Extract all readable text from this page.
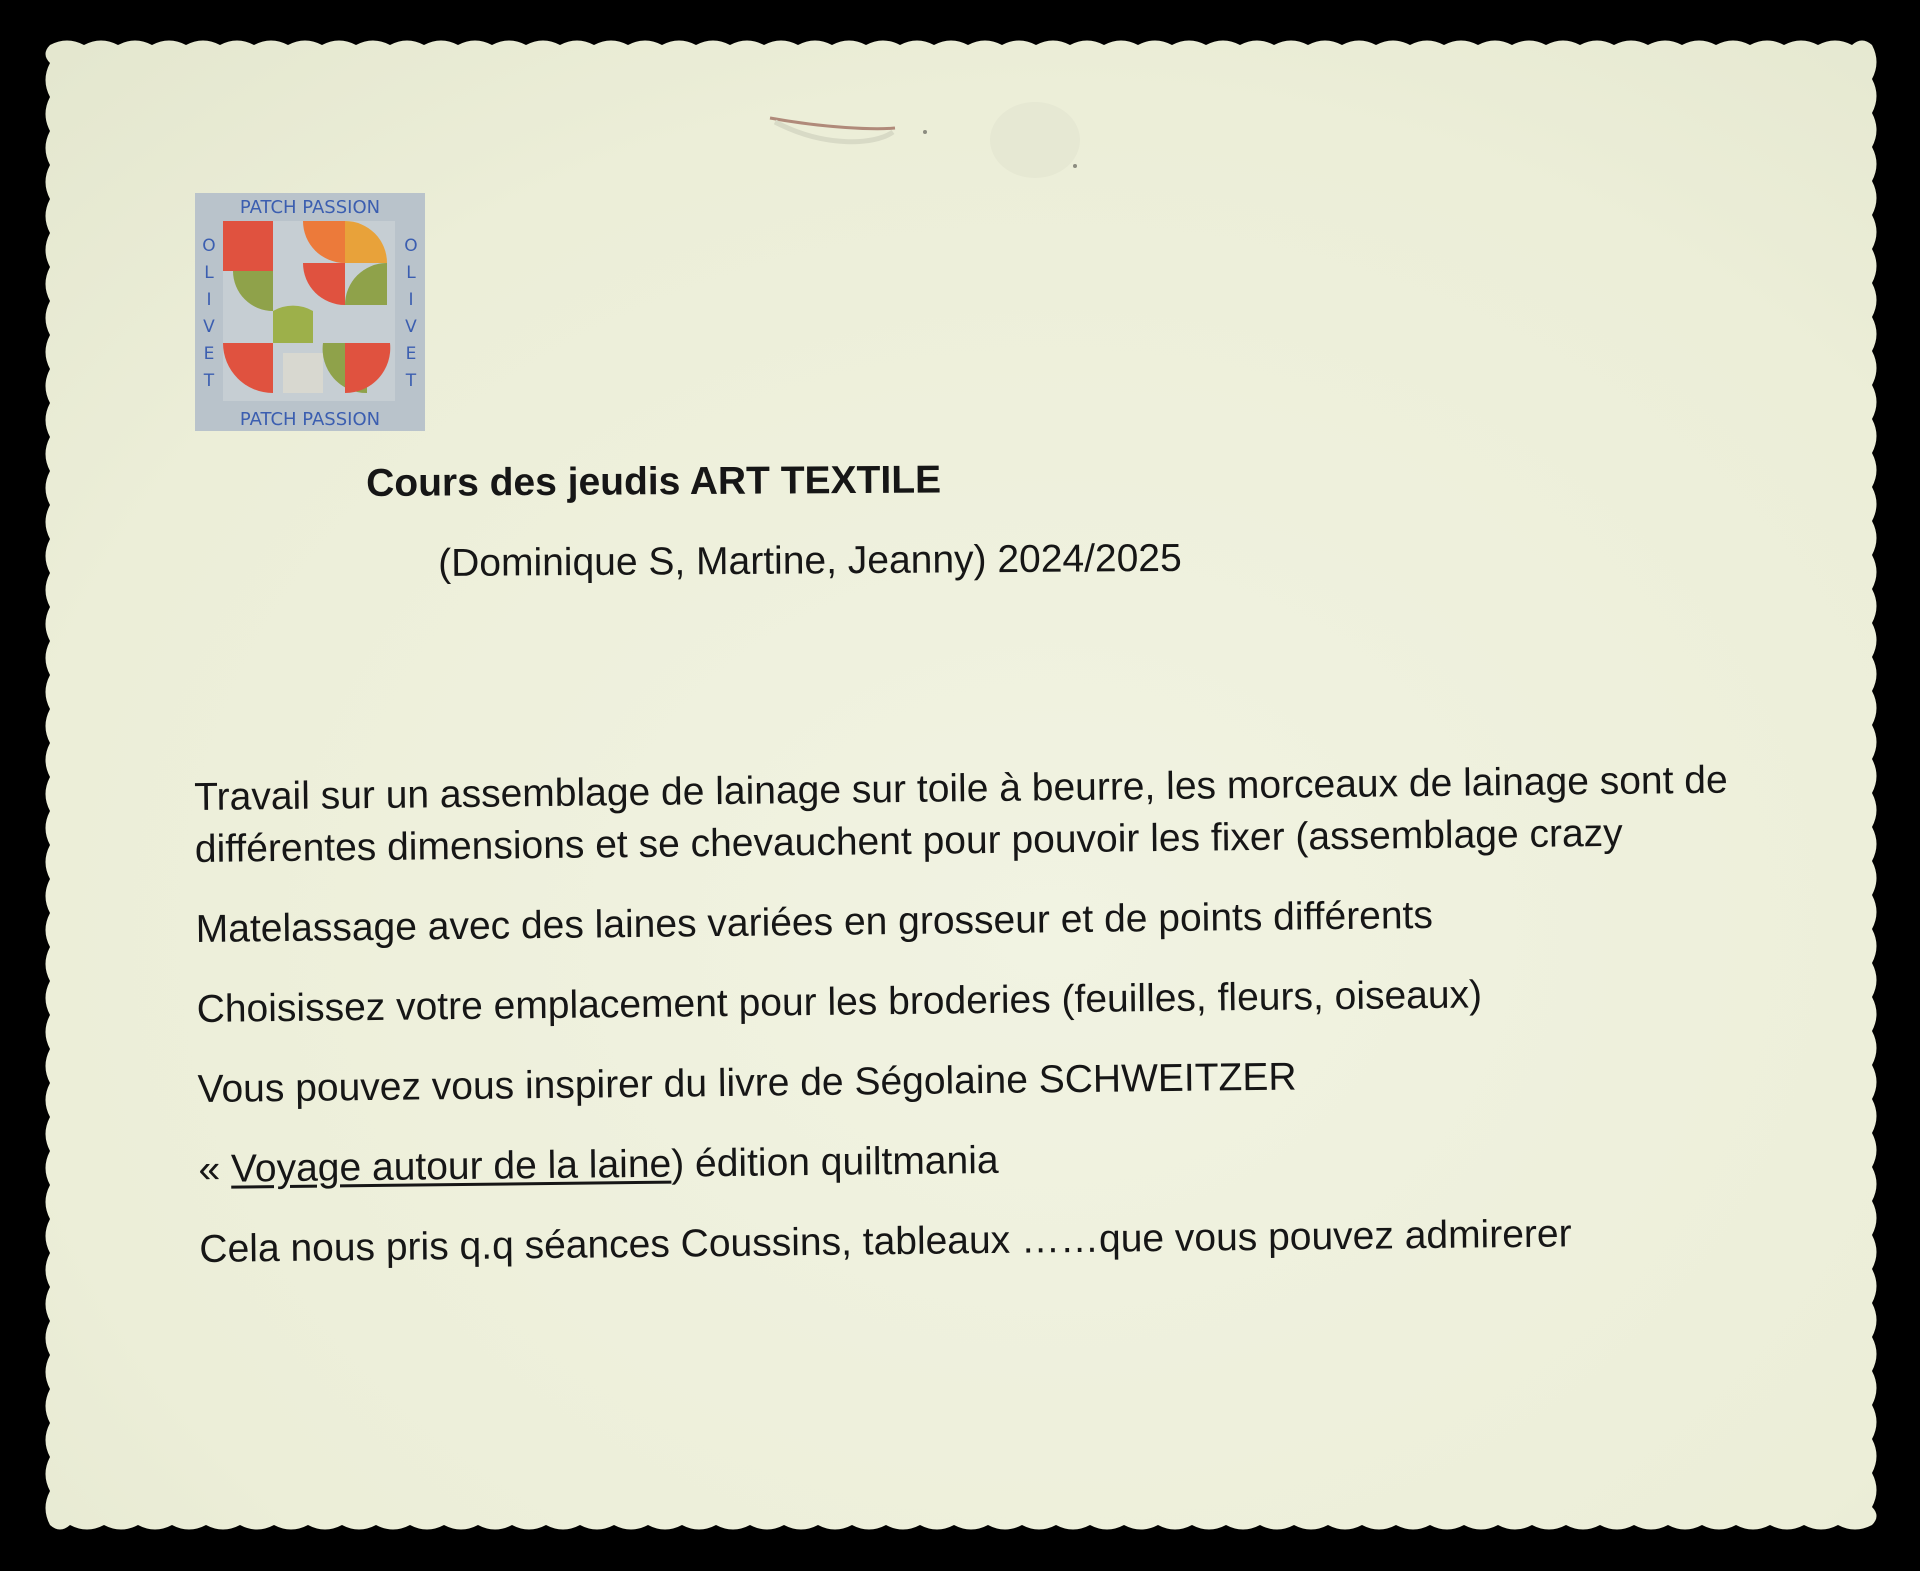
PATCH PASSION
PATCH PASSION
O
L
I
V
E
T
O
L
I
V
E
T
Cours des jeudis ART TEXTILE
(Dominique S, Martine, Jeanny) 2024/2025

Travail sur un assemblage de lainage sur toile à beurre, les morceaux de lainage sont de différentes dimensions et se chevauchent pour pouvoir les fixer (assemblage crazy

Matelassage avec des laines variées en grosseur et de points différents

Choisissez votre emplacement pour les broderies (feuilles, fleurs, oiseaux)

Vous pouvez vous inspirer du livre de Ségolaine SCHWEITZER

« Voyage autour de la laine) édition quiltmania

Cela nous pris q.q séances Coussins, tableaux ……que vous pouvez admirerer
